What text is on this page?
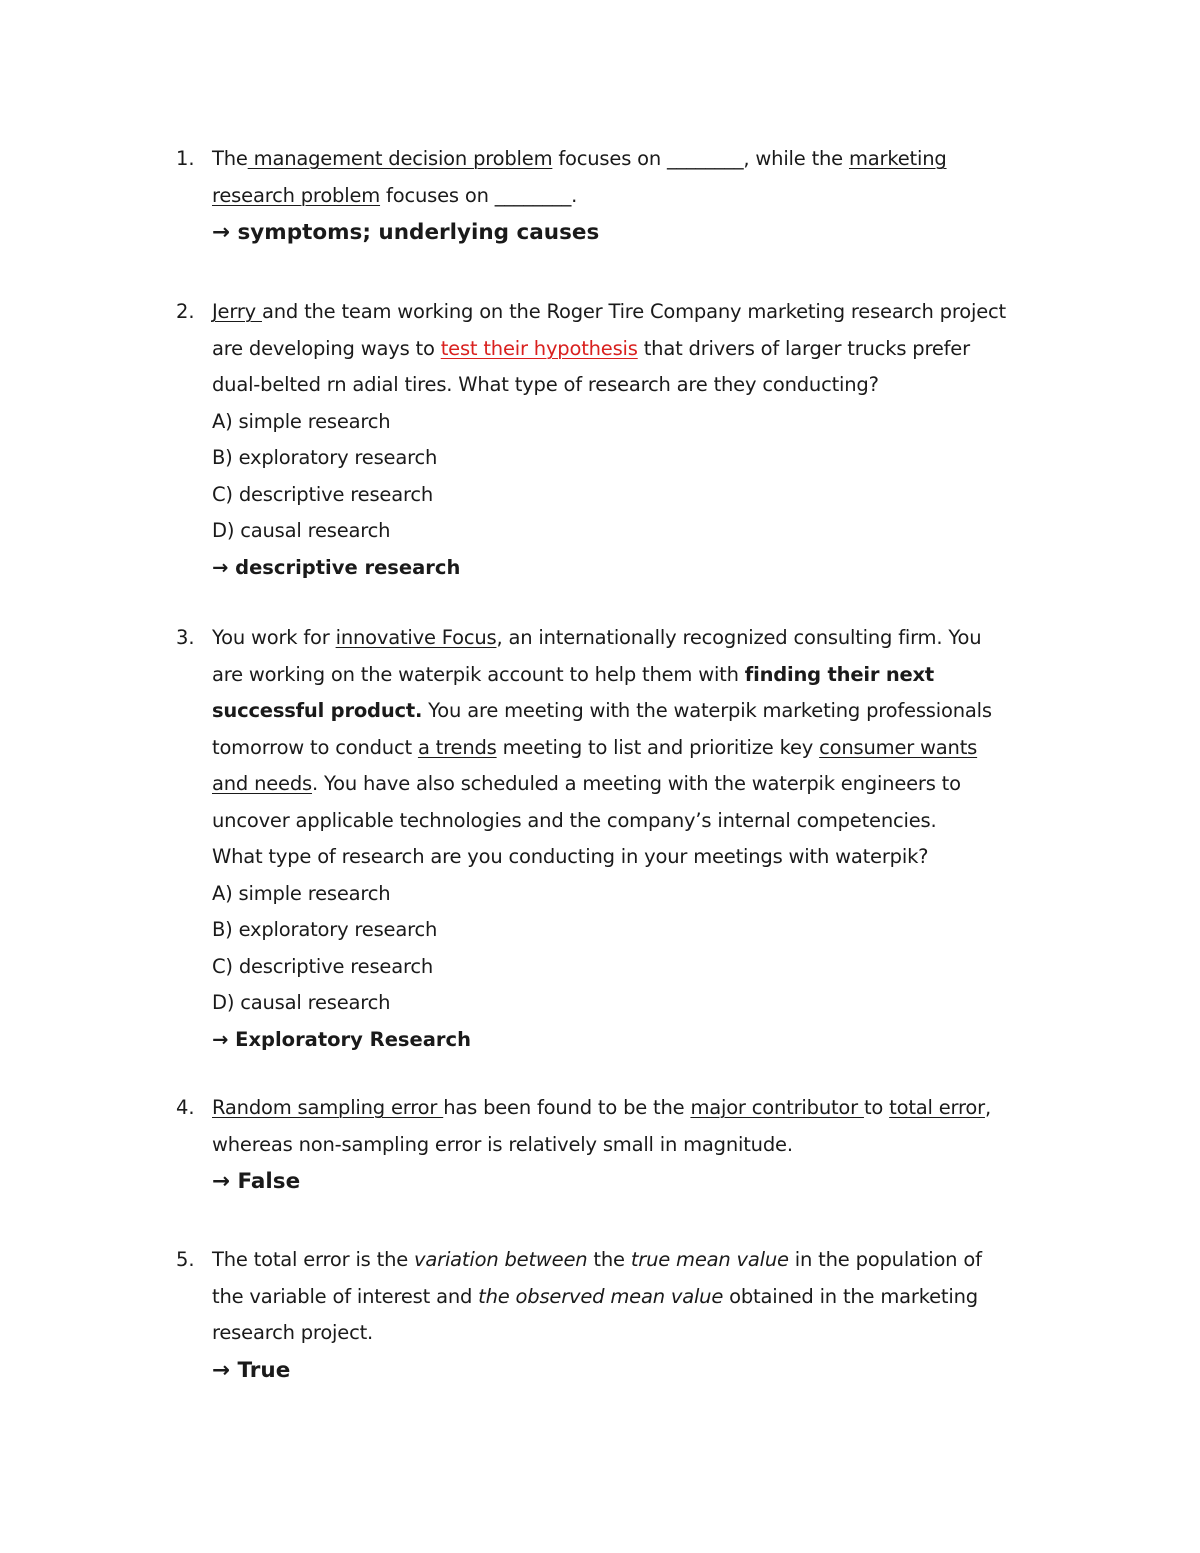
1. The management decision problem focuses on ________, while the marketing
research problem focuses on ________.
→ symptoms; underlying causes
2. Jerry and the team working on the Roger Tire Company marketing research project
are developing ways to test their hypothesis that drivers of larger trucks prefer
dual-belted rn adial tires. What type of research are they conducting?
A) simple research
B) exploratory research
C) descriptive research
D) causal research
→ descriptive research
3. You work for innovative Focus, an internationally recognized consulting firm. You
are working on the waterpik account to help them with finding their next
successful product. You are meeting with the waterpik marketing professionals
tomorrow to conduct a trends meeting to list and prioritize key consumer wants
and needs. You have also scheduled a meeting with the waterpik engineers to
uncover applicable technologies and the company’s internal competencies.
What type of research are you conducting in your meetings with waterpik?
A) simple research
B) exploratory research
C) descriptive research
D) causal research
→ Exploratory Research
4. Random sampling error has been found to be the major contributor to total error,
whereas non-sampling error is relatively small in magnitude.
→ False
5. The total error is the variation between the true mean value in the population of
the variable of interest and the observed mean value obtained in the marketing
research project.
→ True
